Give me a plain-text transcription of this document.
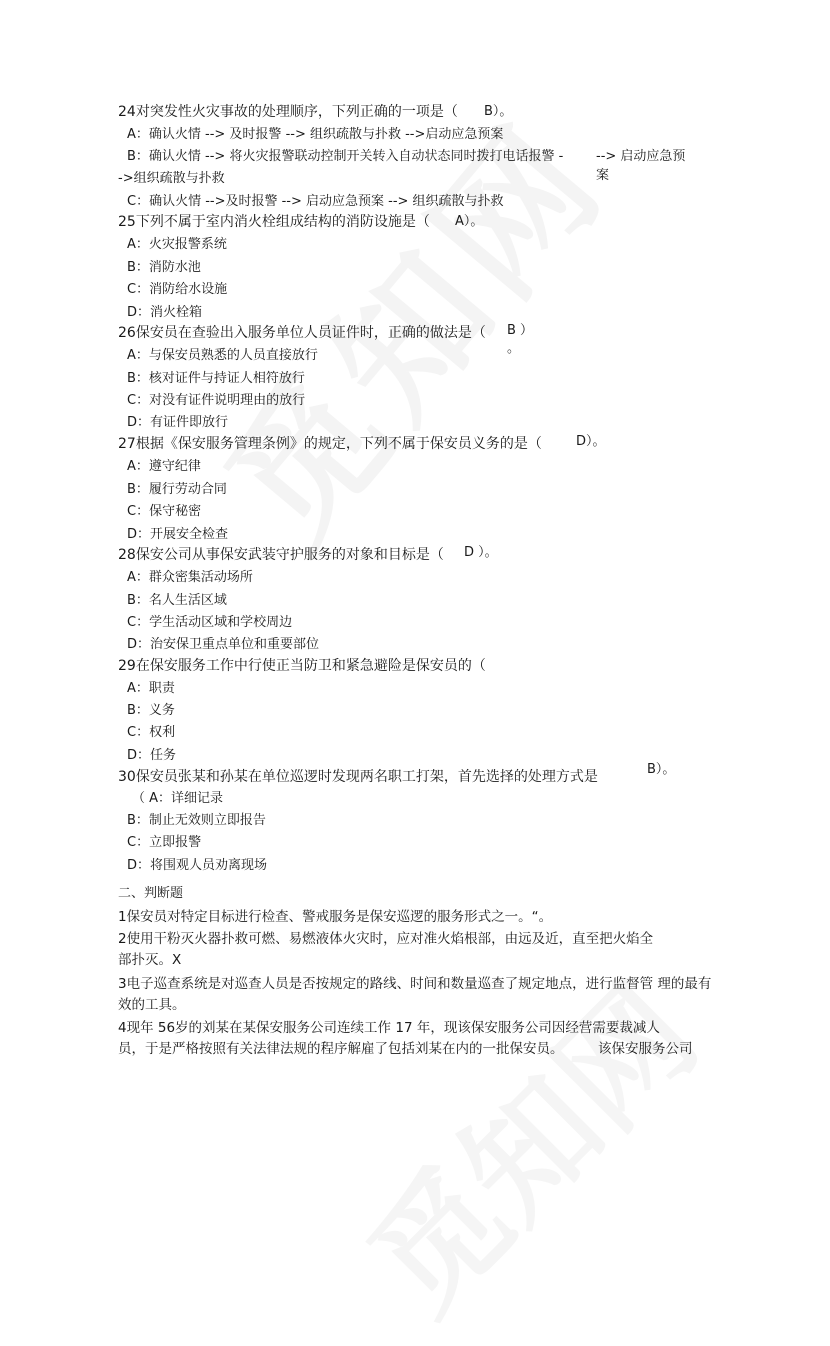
24对突发性火灾事故的处理顺序，下列正确的一项是（ B）。
A：确认火情 --> 及时报警 --> 组织疏散与扑救 -->启动应急预案
B：确认火情 --> 将火灾报警联动控制开关转入自动状态同时拨打电话报警 -	--> 启动应急预
案
->组织疏散与扑救
C：确认火情 -->及时报警 --> 启动应急预案 --> 组织疏散与扑救
25下列不属于室内消火栓组成结构的消防设施是（ A）。
A：火灾报警系统
B：消防水池
C：消防给水设施
D：消火栓箱
26保安员在查验出入服务单位人员证件时，正确的做法是（ B ）
。
A：与保安员熟悉的人员直接放行
B：核对证件与持证人相符放行
C：对没有证件说明理由的放行
D：有证件即放行
27根据《保安服务管理条例》的规定，下列不属于保安员义务的是（	D）。
A：遵守纪律
B：履行劳动合同
C：保守秘密
D：开展安全检查
28保安公司从事保安武装守护服务的对象和目标是（ D ）。
A：群众密集活动场所
B：名人生活区域
C：学生活动区域和学校周边
D：治安保卫重点单位和重要部位
29在保安服务工作中行使正当防卫和紧急避险是保安员的（
A：职责
B：义务
C：权利
D：任务
30保安员张某和孙某在单位巡逻时发现两名职工打架，首先选择的处理方式是	B）。
（ A：详细记录
B：制止无效则立即报告
C：立即报警
D：将围观人员劝离现场
二、判断题
1保安员对特定目标进行检查、警戒服务是保安巡逻的服务形式之一。“。
2使用干粉灭火器扑救可燃、易燃液体火灾时，应对准火焰根部，由远及近，直至把火焰全
部扑灭。X
3电子巡查系统是对巡查人员是否按规定的路线、时间和数量巡查了规定地点，进行监督管 理的最有
效的工具。
4现年 56岁的刘某在某保安服务公司连续工作 17 年，现该保安服务公司因经营需要裁减人
员，于是严格按照有关法律法规的程序解雇了包括刘某在内的一批保安员。	该保安服务公司
